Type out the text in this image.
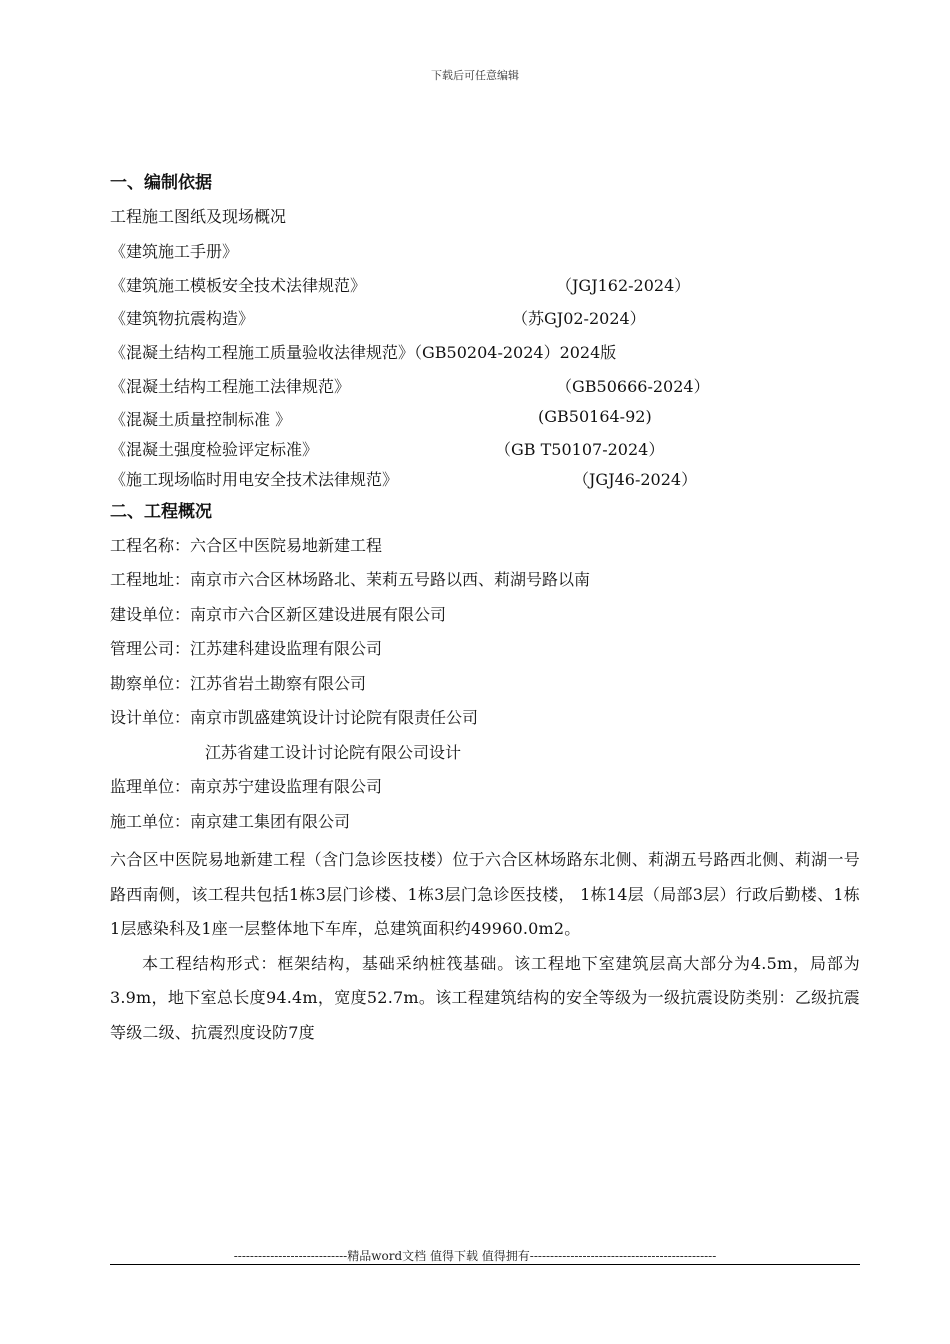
下载后可任意编辑
一、编制依据
工程施工图纸及现场概况
《建筑施工手册》
《建筑施工模板安全技术法律规范》	（JGJ162-2024）
《建筑物抗震构造》	（苏GJ02-2024）
《混凝土结构工程施工质量验收法律规范》（GB50204-2024）2024版
《混凝土结构工程施工法律规范》	（GB50666-2024）
《混凝土质量控制标准 》	(GB50164-92)
《混凝土强度检验评定标准》	（GB T50107-2024）
《施工现场临时用电安全技术法律规范》	（JGJ46-2024）
二、工程概况
工程名称：六合区中医院易地新建工程
工程地址：南京市六合区林场路北、茉莉五号路以西、莉湖号路以南
建设单位：南京市六合区新区建设进展有限公司
管理公司：江苏建科建设监理有限公司
勘察单位：江苏省岩土勘察有限公司
设计单位：南京市凯盛建筑设计讨论院有限责任公司
江苏省建工设计讨论院有限公司设计
监理单位：南京苏宁建设监理有限公司
施工单位：南京建工集团有限公司
六合区中医院易地新建工程（含门急诊医技楼）位于六合区林场路东北侧、莉湖五号路西北侧、莉湖一号路西南侧，该工程共包括1栋3层门诊楼、1栋3层门急诊医技楼， 1栋14层（局部3层）行政后勤楼、1栋1层感染科及1座一层整体地下车库，总建筑面积约49960.0m2。
本工程结构形式：框架结构，基础采纳桩筏基础。该工程地下室建筑层高大部分为4.5m，局部为3.9m，地下室总长度94.4m，宽度52.7m。该工程建筑结构的安全等级为一级抗震设防类别：乙级抗震等级二级、抗震烈度设防7度
----------------------------精品word文档 值得下载 值得拥有----------------------------------------------
